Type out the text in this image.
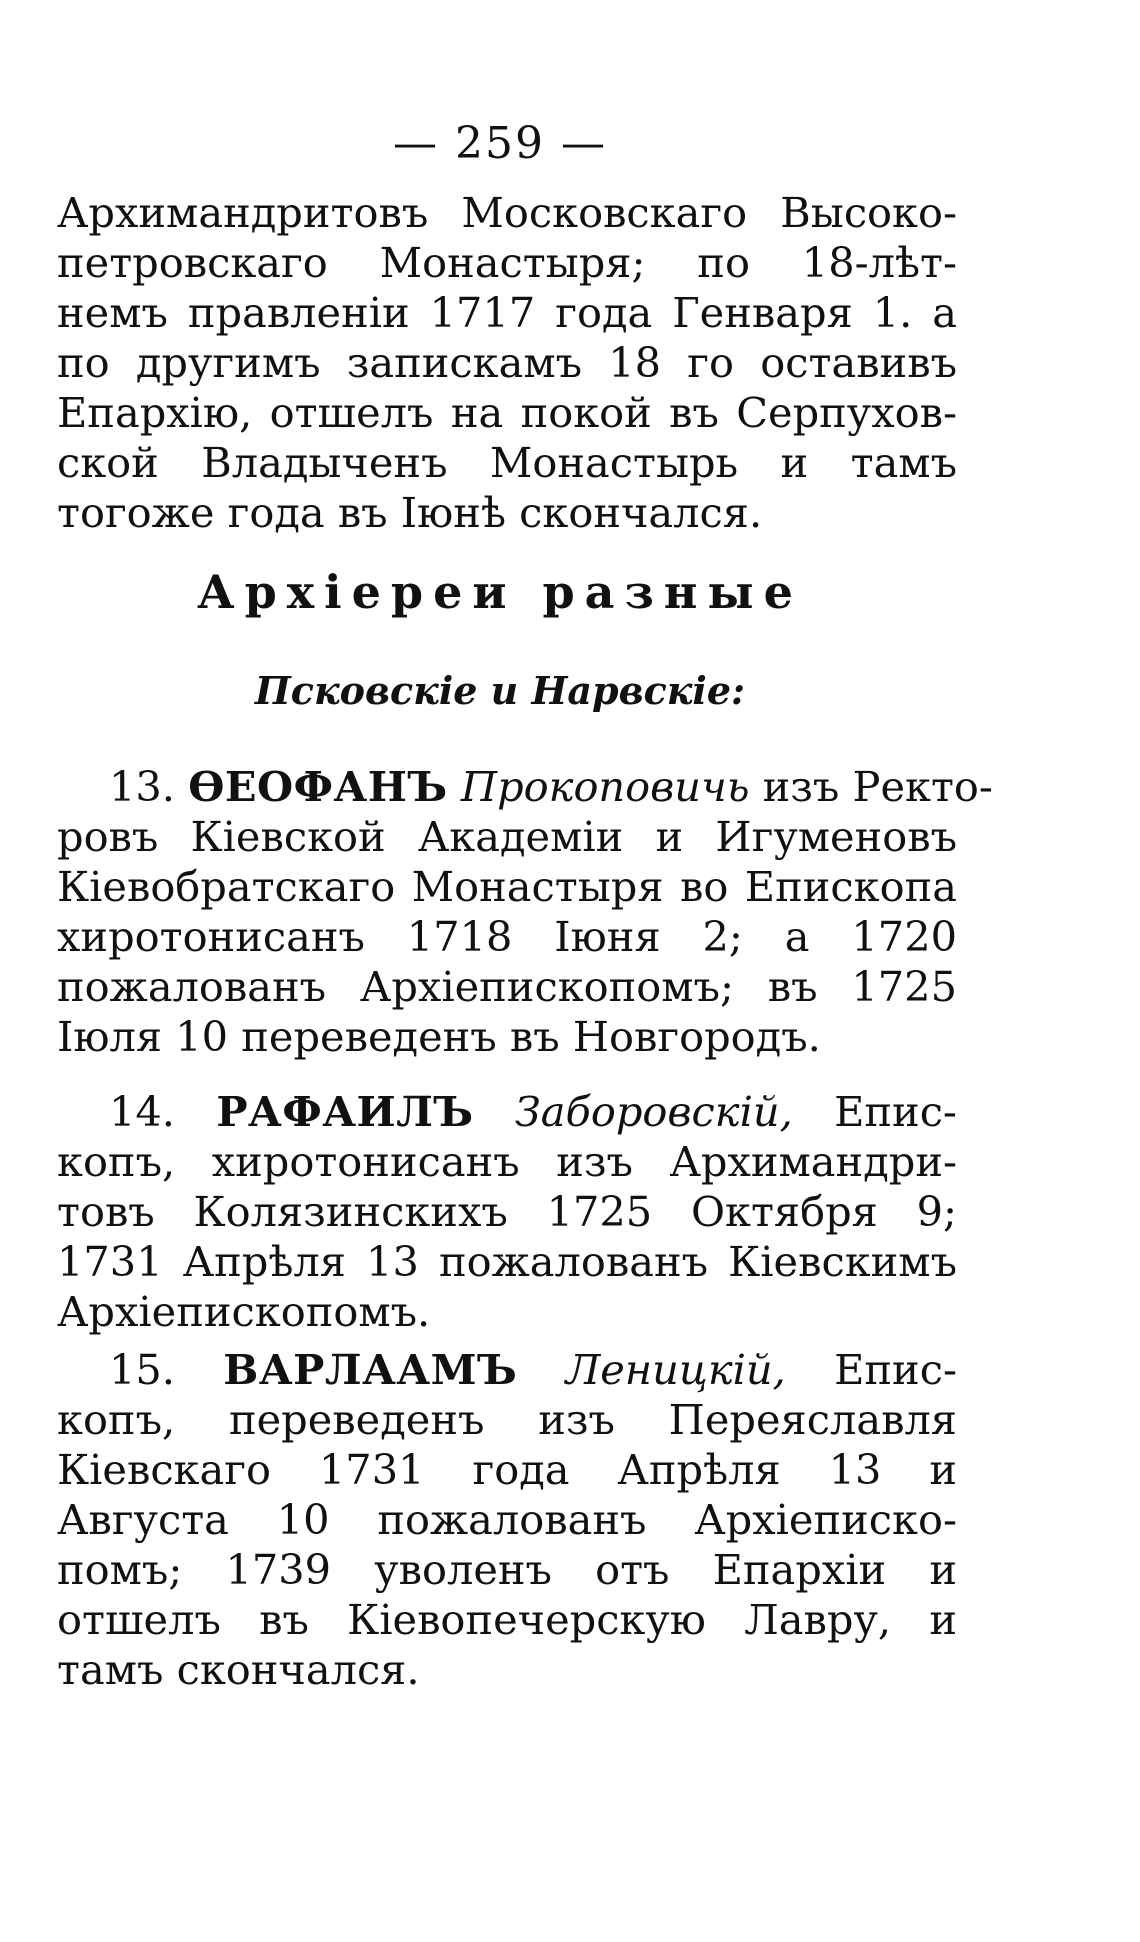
— 259 —
Архимандритовъ Московскаго Высоко-
петровскаго Монастыря; по 18-лѣт-
немъ правленіи 1717 года Генваря 1. а
по другимъ запискамъ 18 го оставивъ
Епархію, отшелъ на покой въ Серпухов-
ской Владыченъ Монастырь и тамъ
тогоже года въ Іюнѣ скончался.
Архіереи разные
Псковскіе и Нарвскіе:
13. ѲЕОФАНЪ Прокоповичь изъ Ректо-
ровъ Кіевской Академіи и Игуменовъ
Кіевобратскаго Монастыря во Епископа
хиротонисанъ 1718 Іюня 2; а 1720
пожалованъ Архіепископомъ; въ 1725
Іюля 10 переведенъ въ Новгородъ.
14. РАФАИЛЪ Заборовскій, Епис-
копъ, хиротонисанъ изъ Архимандри-
товъ Колязинскихъ 1725 Октября 9;
1731 Апрѣля 13 пожалованъ Кіевскимъ
Архіепископомъ.
15. ВАРЛААМЪ Леницкій, Епис-
копъ, переведенъ изъ Переяславля
Кіевскаго 1731 года Апрѣля 13 и
Августа 10 пожалованъ Архіеписко-
помъ; 1739 уволенъ отъ Епархіи и
отшелъ въ Кіевопечерскую Лавру, и
тамъ скончался.
